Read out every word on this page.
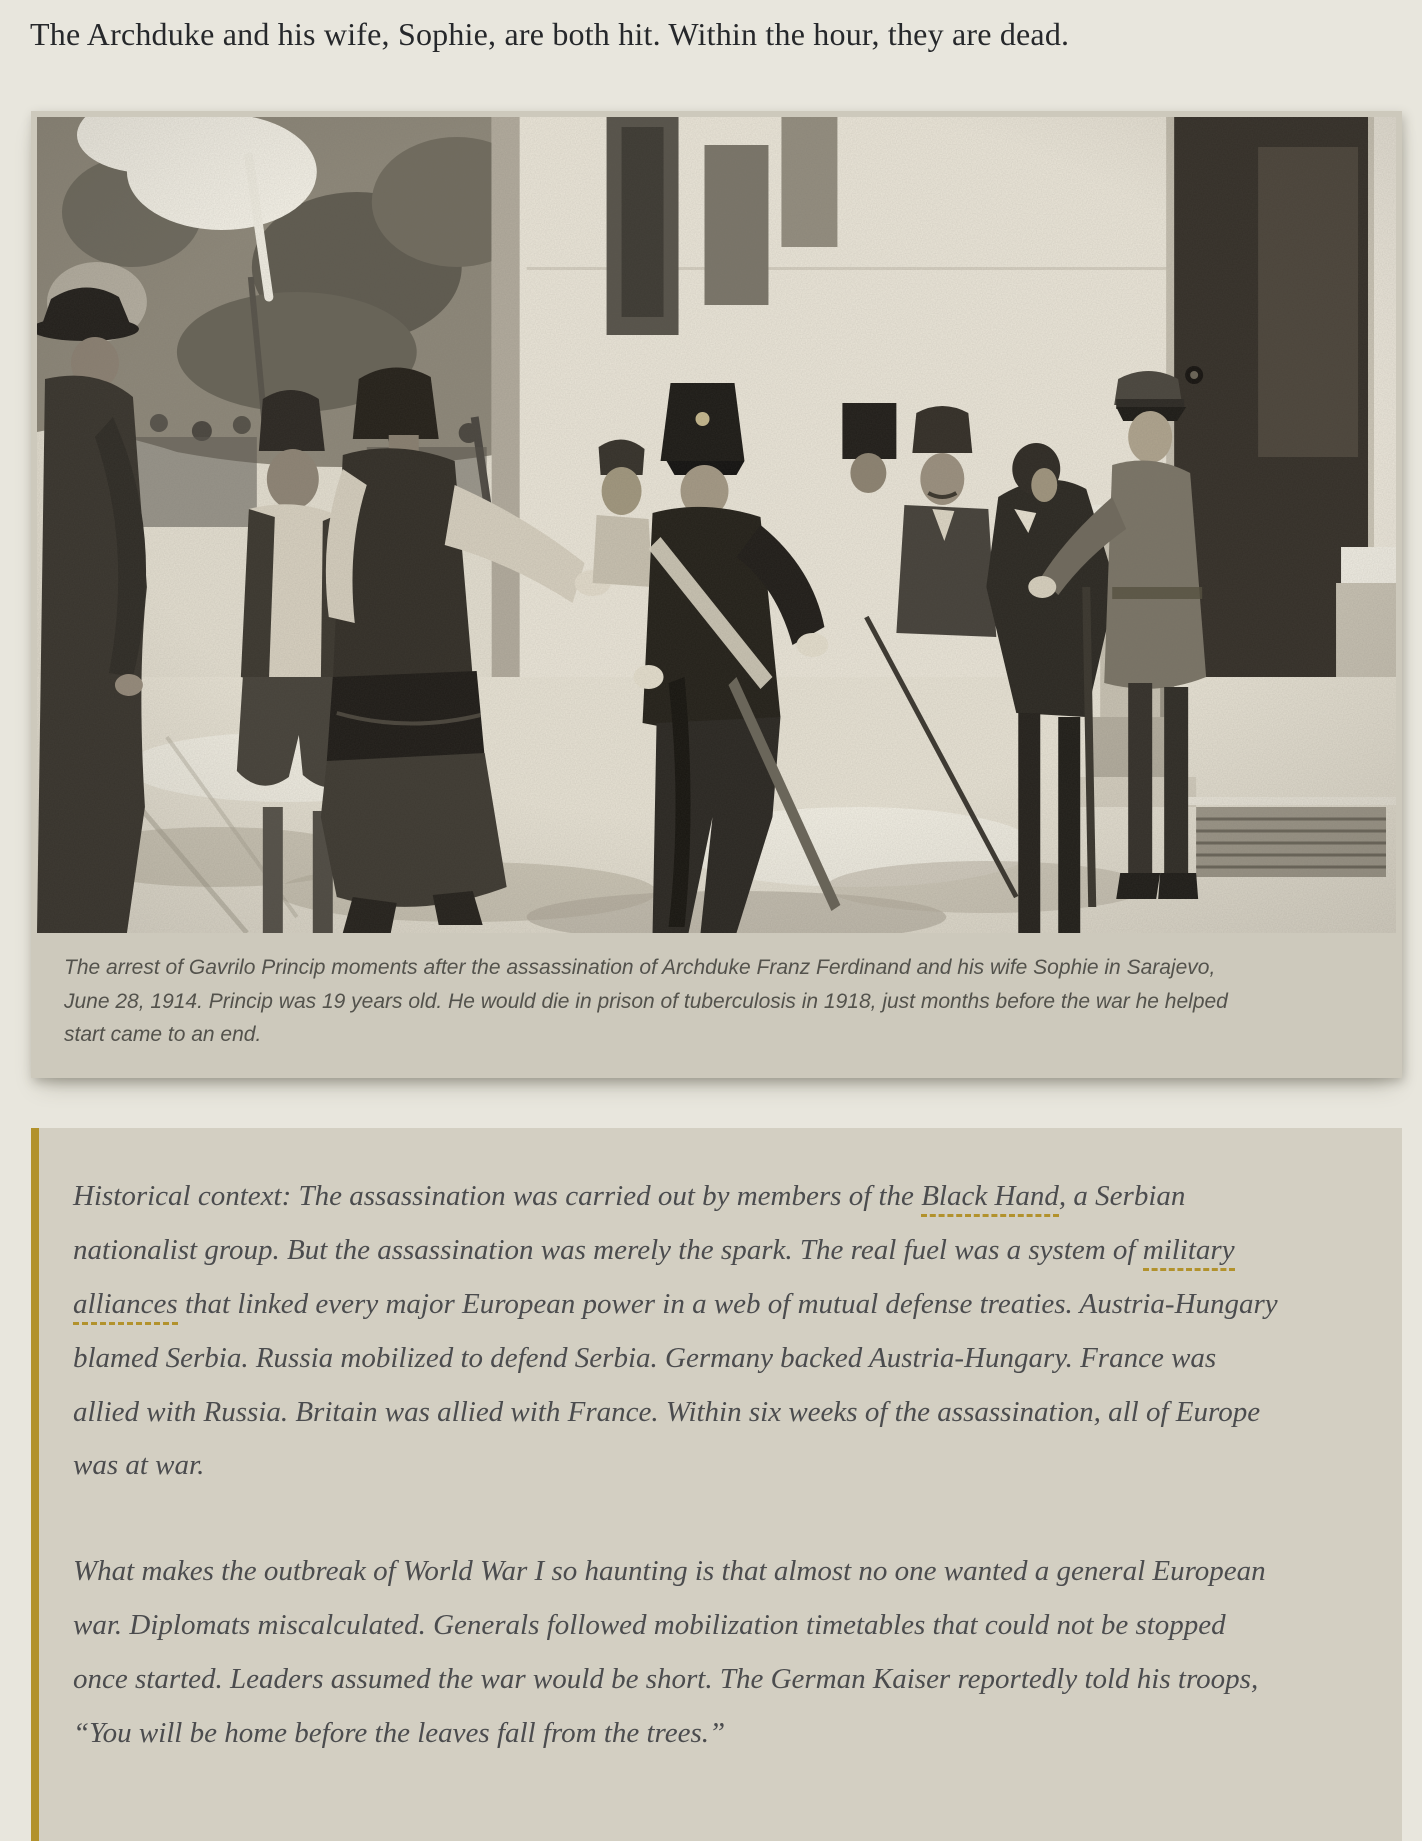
The Archduke and his wife, Sophie, are both hit. Within the hour, they are dead.

The arrest of Gavrilo Princip moments after the assassination of Archduke Franz Ferdinand and his wife Sophie in Sarajevo, June 28, 1914. Princip was 19 years old. He would die in prison of tuberculosis in 1918, just months before the war he helped start came to an end.

Historical context: The assassination was carried out by members of the Black Hand, a Serbian nationalist group. But the assassination was merely the spark. The real fuel was a system of military alliances that linked every major European power in a web of mutual defense treaties. Austria-Hungary blamed Serbia. Russia mobilized to defend Serbia. Germany backed Austria-Hungary. France was allied with Russia. Britain was allied with France. Within six weeks of the assassination, all of Europe was at war.

What makes the outbreak of World War I so haunting is that almost no one wanted a general European war. Diplomats miscalculated. Generals followed mobilization timetables that could not be stopped once started. Leaders assumed the war would be short. The German Kaiser reportedly told his troops, “You will be home before the leaves fall from the trees.”
